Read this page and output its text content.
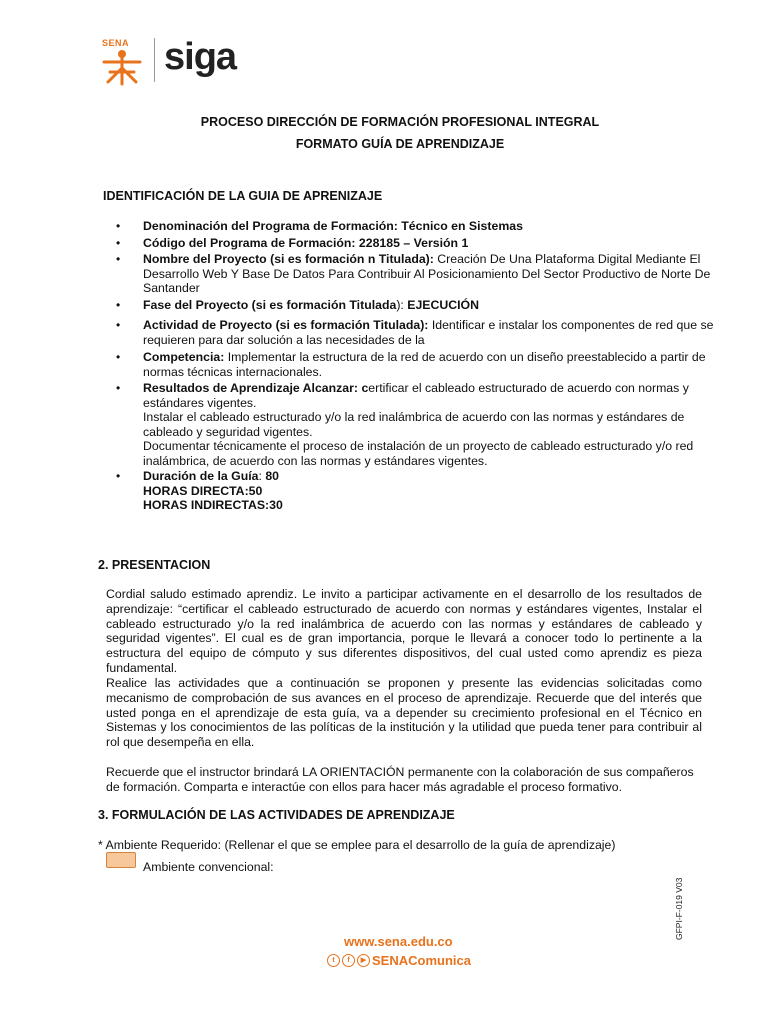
SENA siga
PROCESO DIRECCIÓN DE FORMACIÓN PROFESIONAL INTEGRAL
FORMATO GUÍA DE APRENDIZAJE
IDENTIFICACIÓN DE LA GUIA DE APRENIZAJE
• Denominación del Programa de Formación: Técnico en Sistemas
• Código del Programa de Formación: 228185 – Versión 1
• Nombre del Proyecto (si es formación n Titulada): Creación De Una Plataforma Digital Mediante El Desarrollo Web Y Base De Datos Para Contribuir Al Posicionamiento Del Sector Productivo de Norte De Santander
• Fase del Proyecto (si es formación Titulada): EJECUCIÓN
• Actividad de Proyecto (si es formación Titulada): Identificar e instalar los componentes de red que se requieren para dar solución a las necesidades de la
• Competencia: Implementar la estructura de la red de acuerdo con un diseño preestablecido a partir de normas técnicas internacionales.
• Resultados de Aprendizaje Alcanzar: certificar el cableado estructurado de acuerdo con normas y estándares vigentes.
Instalar el cableado estructurado y/o la red inalámbrica de acuerdo con las normas y estándares de cableado y seguridad vigentes.
Documentar técnicamente el proceso de instalación de un proyecto de cableado estructurado y/o red inalámbrica, de acuerdo con las normas y estándares vigentes.
• Duración de la Guía: 80
HORAS DIRECTA:50
HORAS INDIRECTAS:30
2. PRESENTACION
Cordial saludo estimado aprendiz. Le invito a participar activamente en el desarrollo de los resultados de aprendizaje: “certificar el cableado estructurado de acuerdo con normas y estándares vigentes, Instalar el cableado estructurado y/o la red inalámbrica de acuerdo con las normas y estándares de cableado y seguridad vigentes”. El cual es de gran importancia, porque le llevará a conocer todo lo pertinente a la estructura del equipo de cómputo y sus diferentes dispositivos, del cual usted como aprendiz es pieza fundamental.
Realice las actividades que a continuación se proponen y presente las evidencias solicitadas como mecanismo de comprobación de sus avances en el proceso de aprendizaje. Recuerde que del interés que usted ponga en el aprendizaje de esta guía, va a depender su crecimiento profesional en el Técnico en Sistemas y los conocimientos de las políticas de la institución y la utilidad que pueda tener para contribuir al rol que desempeña en ella.
Recuerde que el instructor brindará LA ORIENTACIÓN permanente con la colaboración de sus compañeros de formación. Comparta e interactúe con ellos para hacer más agradable el proceso formativo.
3. FORMULACIÓN DE LAS ACTIVIDADES DE APRENDIZAJE
* Ambiente Requerido: (Rellenar el que se emplee para el desarrollo de la guía de aprendizaje)
Ambiente convencional:
www.sena.edu.co
t	f	▶ SENAComunica
GFPI-F-019 V03
